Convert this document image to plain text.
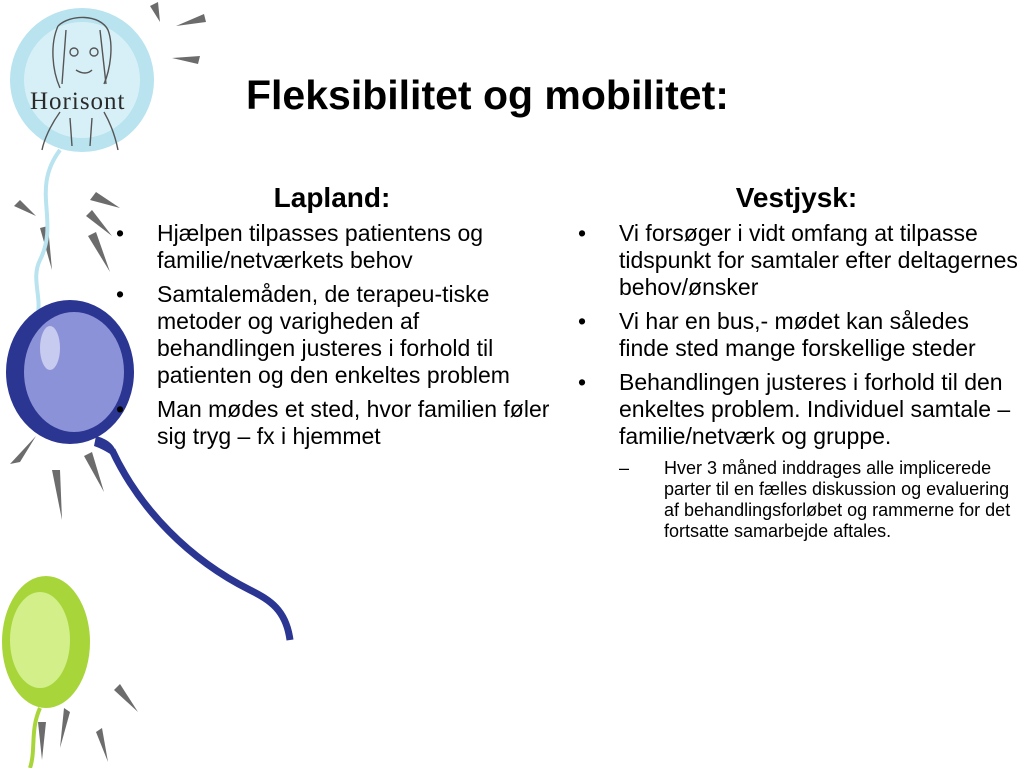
Horisont	Fleksibilitet og mobilitet:
Lapland:
• Hjælpen tilpasses patientens og familie/netværkets behov
• Samtalemåden, de terapeu-tiske metoder og varigheden af behandlingen justeres i forhold til patienten og den enkeltes problem
• Man mødes et sted, hvor familien føler sig tryg – fx i hjemmet
Vestjysk:
• Vi forsøger i vidt omfang at tilpasse tidspunkt for samtaler efter deltagernes behov/ønsker
• Vi har en bus,- mødet kan således finde sted mange forskellige steder
• Behandlingen justeres i forhold til den enkeltes problem. Individuel samtale – familie/netværk og gruppe.
– Hver 3 måned inddrages alle implicerede parter til en fælles diskussion og evaluering af behandlingsforløbet og rammerne for det fortsatte samarbejde aftales.
